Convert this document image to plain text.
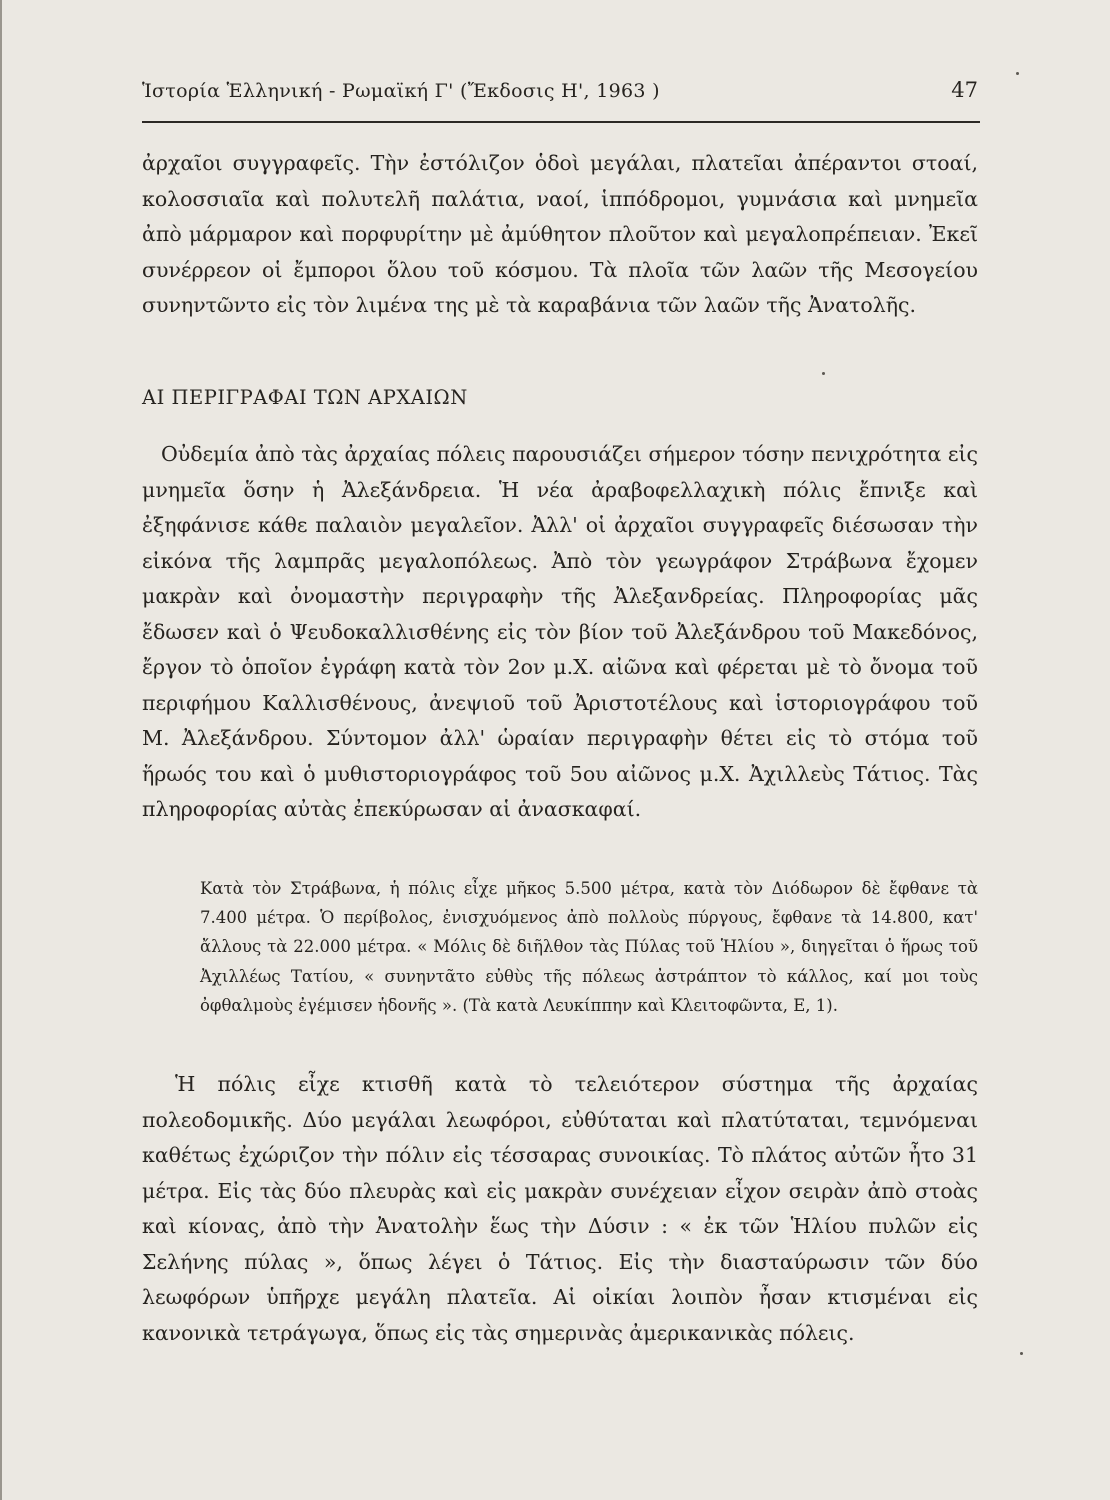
Ἱστορία Ἑλληνική - Ρωμαϊκή Γ' (Ἔκδοσις Η', 1963 )	47
ἀρχαῖοι συγγραφεῖς. Τὴν ἐστόλιζον ὁδοὶ μεγάλαι, πλατεῖαι ἀπέραντοι στοαί, κολοσσιαῖα καὶ πολυτελῆ παλάτια, ναοί, ἱππόδρομοι, γυμνάσια καὶ μνημεῖα ἀπὸ μάρμαρον καὶ πορφυρίτην μὲ ἀμύθητον πλοῦτον καὶ μεγαλοπρέπειαν. Ἐκεῖ συνέρρεον οἱ ἔμποροι ὅλου τοῦ κόσμου. Τὰ πλοῖα τῶν λαῶν τῆς Μεσογείου συνηντῶντο εἰς τὸν λιμένα της μὲ τὰ καραβάνια τῶν λαῶν τῆς Ἀνατολῆς.
ΑΙ ΠΕΡΙΓΡΑΦΑΙ ΤΩΝ ΑΡΧΑΙΩΝ
Οὐδεμία ἀπὸ τὰς ἀρχαίας πόλεις παρουσιάζει σήμερον τόσην πενιχρότητα εἰς μνημεῖα ὅσην ἡ Ἀλεξάνδρεια. Ἡ νέα ἀραβοφελλαχικὴ πόλις ἔπνιξε καὶ ἐξηφάνισε κάθε παλαιὸν μεγαλεῖον. Ἀλλ' οἱ ἀρχαῖοι συγγραφεῖς διέσωσαν τὴν εἰκόνα τῆς λαμπρᾶς μεγαλοπόλεως. Ἀπὸ τὸν γεωγράφον Στράβωνα ἔχομεν μακρὰν καὶ ὀνομαστὴν περιγραφὴν τῆς Ἀλεξανδρείας. Πληροφορίας μᾶς ἔδωσεν καὶ ὁ Ψευδοκαλλισθένης εἰς τὸν βίον τοῦ Ἀλεξάνδρου τοῦ Μακεδόνος, ἔργον τὸ ὁποῖον ἐγράφη κατὰ τὸν 2ον μ.Χ. αἰῶνα καὶ φέρεται μὲ τὸ ὄνομα τοῦ περιφήμου Καλλισθένους, ἀνεψιοῦ τοῦ Ἀριστοτέλους καὶ ἱστοριογράφου τοῦ Μ. Ἀλεξάνδρου. Σύντομον ἀλλ' ὡραίαν περιγραφὴν θέτει εἰς τὸ στόμα τοῦ ἥρωός του καὶ ὁ μυθιστοριογράφος τοῦ 5ου αἰῶνος μ.Χ. Ἀχιλλεὺς Τάτιος. Τὰς πληροφορίας αὐτὰς ἐπεκύρωσαν αἱ ἀνασκαφαί.
Κατὰ τὸν Στράβωνα, ἡ πόλις εἶχε μῆκος 5.500 μέτρα, κατὰ τὸν Διόδωρον δὲ ἔφθανε τὰ 7.400 μέτρα. Ὁ περίβολος, ἐνισχυόμενος ἀπὸ πολλοὺς πύργους, ἔφθανε τὰ 14.800, κατ' ἄλλους τὰ 22.000 μέτρα. « Μόλις δὲ διῆλθον τὰς Πύλας τοῦ Ἡλίου », διηγεῖται ὁ ἥρως τοῦ Ἀχιλλέως Τατίου, « συνηντᾶτο εὐθὺς τῆς πόλεως ἀστράπτον τὸ κάλλος, καί μοι τοὺς ὀφθαλμοὺς ἐγέμισεν ἡδονῆς ». (Τὰ κατὰ Λευκίππην καὶ Κλειτοφῶντα, Ε, 1).
Ἡ πόλις εἶχε κτισθῆ κατὰ τὸ τελειότερον σύστημα τῆς ἀρχαίας πολεοδομικῆς. Δύο μεγάλαι λεωφόροι, εὐθύταται καὶ πλατύταται, τεμνόμεναι καθέτως ἐχώριζον τὴν πόλιν εἰς τέσσαρας συνοικίας. Τὸ πλάτος αὐτῶν ἦτο 31 μέτρα. Εἰς τὰς δύο πλευρὰς καὶ εἰς μακρὰν συνέχειαν εἶχον σειρὰν ἀπὸ στοὰς καὶ κίονας, ἀπὸ τὴν Ἀνατολὴν ἕως τὴν Δύσιν : « ἐκ τῶν Ἡλίου πυλῶν εἰς Σελήνης πύλας », ὅπως λέγει ὁ Τάτιος. Εἰς τὴν διασταύρωσιν τῶν δύο λεωφόρων ὑπῆρχε μεγάλη πλατεῖα. Αἱ οἰκίαι λοιπὸν ἦσαν κτισμέναι εἰς κανονικὰ τετράγωγα, ὅπως εἰς τὰς σημερινὰς ἀμερικανικὰς πόλεις.
